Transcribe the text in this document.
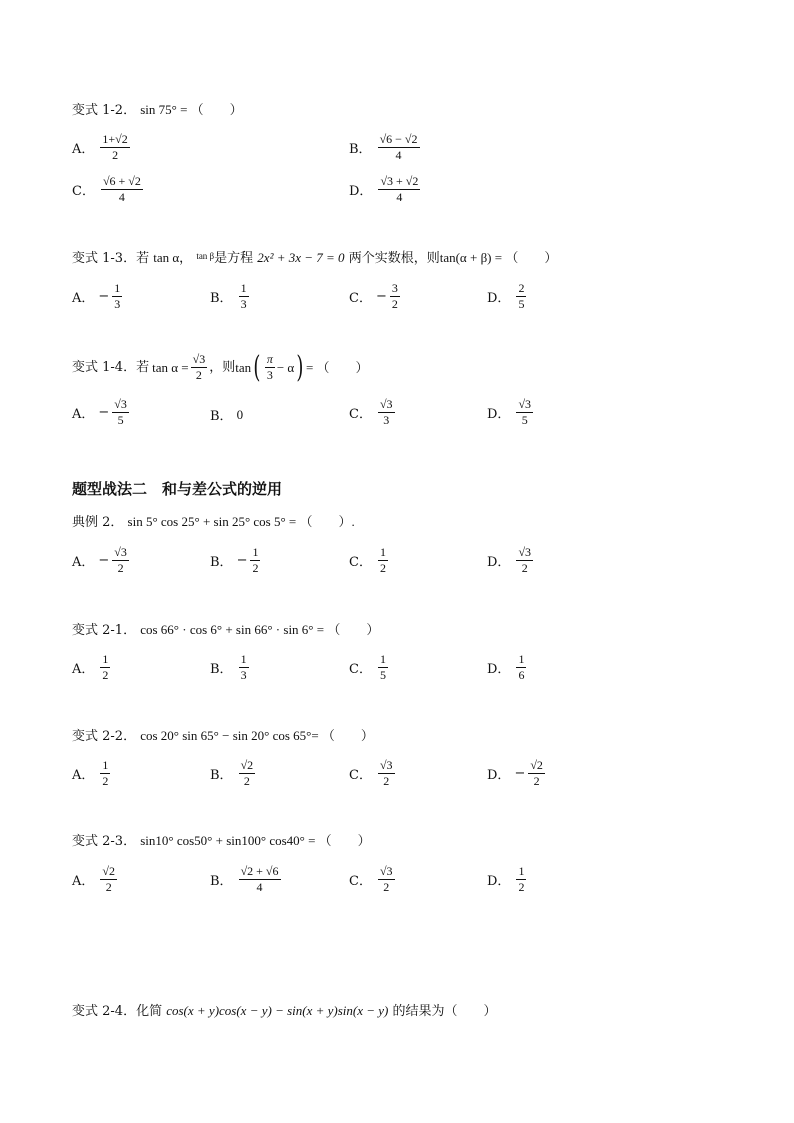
变式 1-2． sin 75° = （　　）
A． $\frac{1+√2}{2}$	B． $\frac{√6 - √2}{4}$
C． $\frac{√6 + √2}{4}$	D． $\frac{√3 + √2}{4}$
变式 1-3．若 tan α， $^{tan \beta}$是方程 2x² + 3x − 7 = 0 两个实数根，则tan(α + β) = （　　）
A． − $\frac{1}{3}$	B． $\frac{1}{3}$	C． − $\frac{3}{2}$	D． $\frac{2}{5}$
变式 1-4．若 $\tan \alpha = \frac{√3}{2}$ ，则 tan ( $\frac{\pi}{3} - \alpha$ ) = （　　）
A． − $\frac{√3}{5}$	B． 0	C． $\frac{√3}{3}$	D． $\frac{√3}{5}$
题型战法二　和与差公式的逆用
典例 2． sin 5° cos 25° + sin 25° cos 5° = （　　）.
A． − $\frac{√3}{2}$	B． − $\frac{1}{2}$	C． $\frac{1}{2}$	D． $\frac{√3}{2}$
变式 2-1． cos 66° · cos 6° + sin 66° · sin 6° = （　　）
A． $\frac{1}{2}$	B． $\frac{1}{3}$	C． $\frac{1}{5}$	D． $\frac{1}{6}$
变式 2-2． cos 20° sin 65° − sin 20° cos 65°= （　　）
A． $\frac{1}{2}$	B． $\frac{√2}{2}$	C． $\frac{√3}{2}$	D． − $\frac{√2}{2}$
变式 2-3． sin10° cos50° + sin100° cos40° = （　　）
A． $\frac{√2}{2}$	B． $\frac{√2 + √6}{4}$	C． $\frac{√3}{2}$	D． $\frac{1}{2}$
变式 2-4．化简 cos(x + y)cos(x − y) − sin(x + y)sin(x − y) 的结果为（　　）
